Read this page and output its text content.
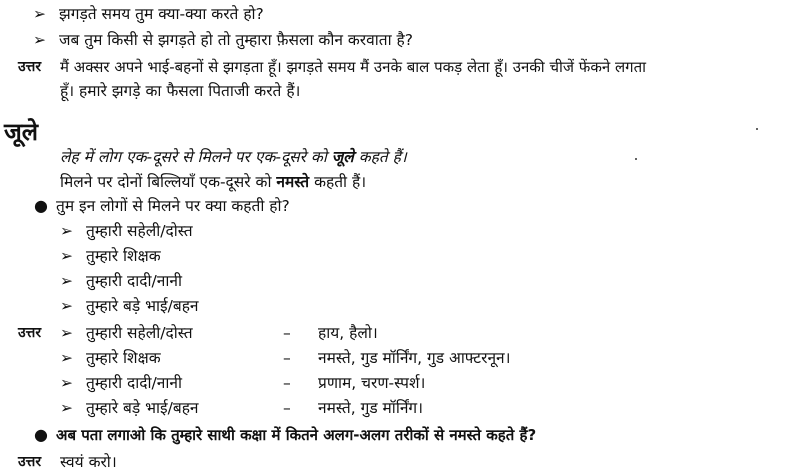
➢ झगड़ते समय तुम क्या-क्या करते हो?
➢ जब तुम किसी से झगड़ते हो तो तुम्हारा फ़ैसला कौन करवाता है?
उत्तर मैं अक्सर अपने भाई-बहनों से झगड़ता हूँ। झगड़ते समय मैं उनके बाल पकड़ लेता हूँ। उनकी चीजें फेंकने लगता
हूँ। हमारे झगड़े का फैसला पिताजी करते हैं।
जूले
लेह में लोग एक-दूसरे से मिलने पर एक-दूसरे को जूले कहते हैं।
मिलने पर दोनों बिल्लियाँ एक-दूसरे को नमस्ते कहती हैं।
● तुम इन लोगों से मिलने पर क्या कहती हो?
➢ तुम्हारी सहेली/दोस्त
➢ तुम्हारे शिक्षक
➢ तुम्हारी दादी/नानी
➢ तुम्हारे बड़े भाई/बहन
उत्तर ➢ तुम्हारी सहेली/दोस्त	– हाय, हैलो।
➢ तुम्हारे शिक्षक	– नमस्ते, गुड मॉर्निंग, गुड आफ्टरनून।
➢ तुम्हारी दादी/नानी	– प्रणाम, चरण-स्पर्श।
➢ तुम्हारे बड़े भाई/बहन	– नमस्ते, गुड मॉर्निंग।
● अब पता लगाओ कि तुम्हारे साथी कक्षा में कितने अलग-अलग तरीकों से नमस्ते कहते हैं?
उत्तर स्वयं करो।
